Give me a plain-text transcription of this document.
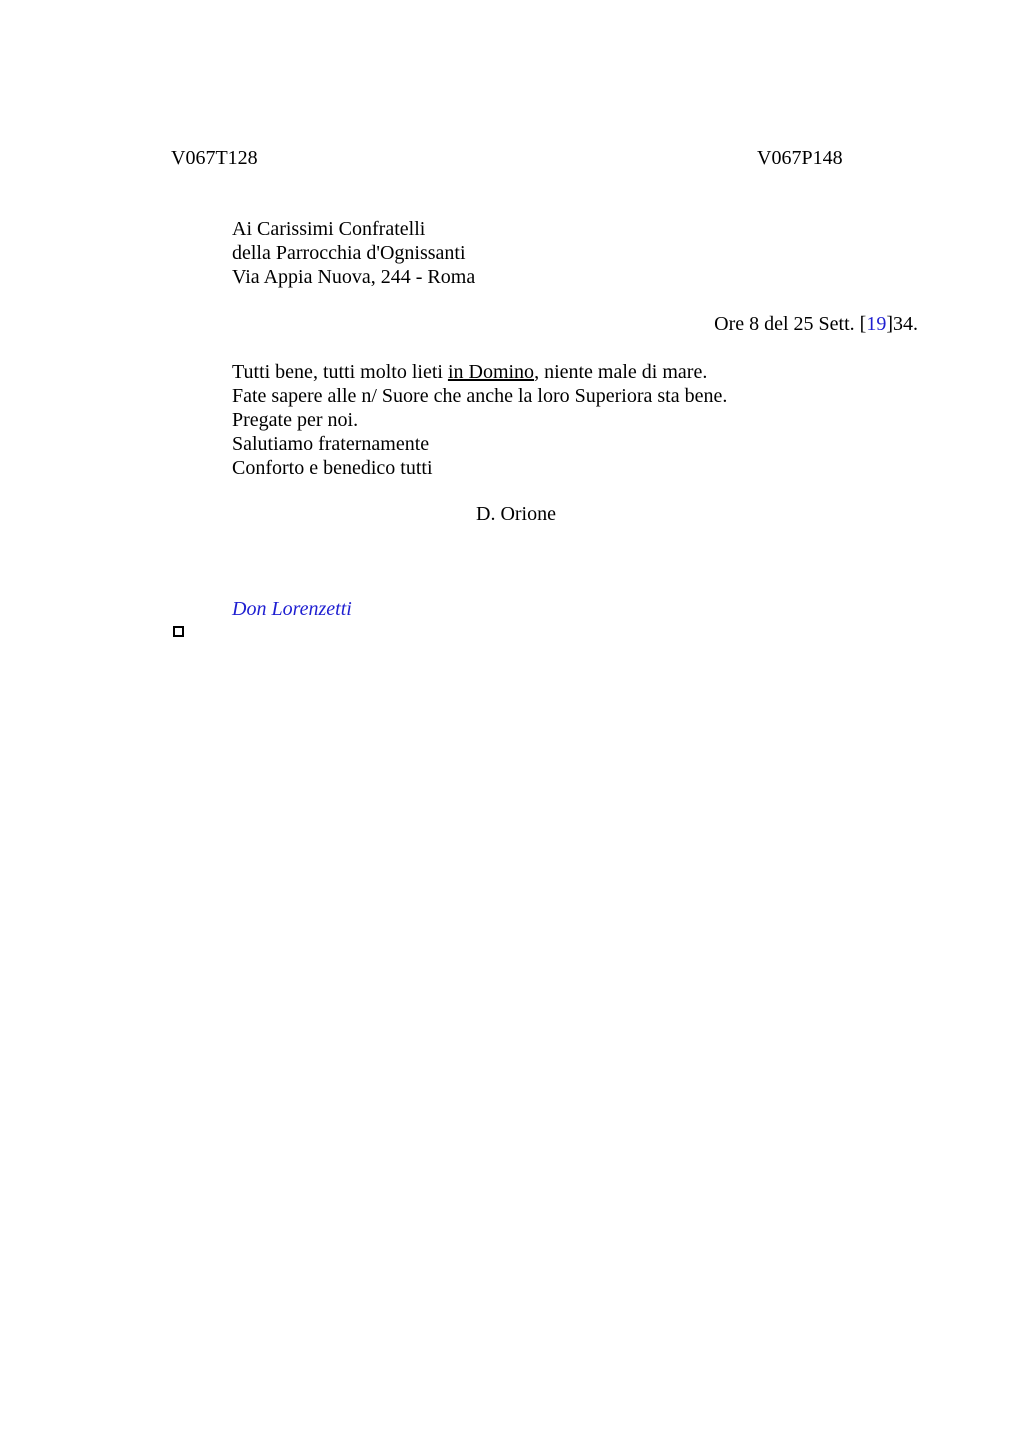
V067T128	V067P148
Ai Carissimi Confratelli
della Parrocchia d'Ognissanti
Via Appia Nuova, 244 - Roma
Ore 8 del 25 Sett. [19]34.
Tutti bene, tutti molto lieti in Domino, niente male di mare.
Fate sapere alle n/ Suore che anche la loro Superiora sta bene.
Pregate per noi.
Salutiamo fraternamente
Conforto e benedico tutti
D. Orione
Don Lorenzetti
